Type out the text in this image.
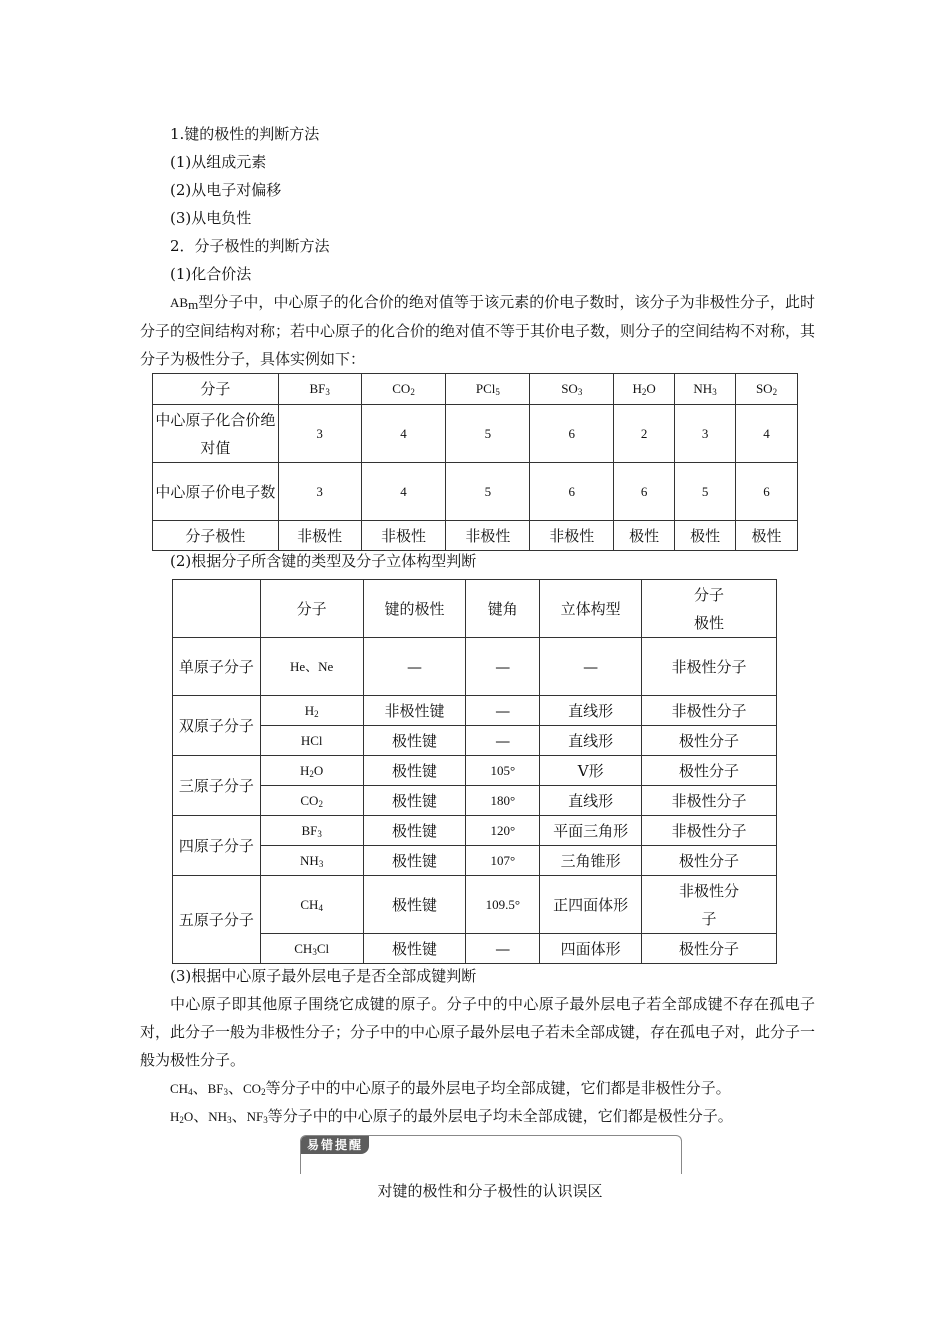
1.键的极性的判断方法
(1)从组成元素
(2)从电子对偏移
(3)从电负性
2．分子极性的判断方法
(1)化合价法
$AB_m$型分子中，中心原子的化合价的绝对值等于该元素的价电子数时，该分子为非极性分子，此时分子的空间结构对称；若中心原子的化合价的绝对值不等于其价电子数，则分子的空间结构不对称，其分子为极性分子，具体实例如下：
分子	$BF_3$	$CO_2$	PCl$_5$	$SO_3$	$H_2O$	$NH_3$	$SO_2$
中心原子化合价绝对值	3	4	5	6	2	3	4
中心原子价电子数	3	4	5	6	6	5	6
分子极性	非极性	非极性	非极性	非极性	极性	极性	极性
(2)根据分子所含键的类型及分子立体构型判断
	分子	键的极性	键角	立体构型	分子极性
单原子分子	He、Ne	—	—	—	非极性分子
双原子分子	$H_2$	非极性键	—	直线形	非极性分子
	HCl	极性键	—	直线形	极性分子
三原子分子	$H_2O$	极性键	105°	V形	极性分子
	$CO_2$	极性键	180°	直线形	非极性分子
四原子分子	$BF_3$	极性键	120°	平面三角形	非极性分子
	$NH_3$	极性键	107°	三角锥形	极性分子
五原子分子	$CH_4$	极性键	109.5°	正四面体形	非极性分子
	$CH_3Cl$	极性键	—	四面体形	极性分子
(3)根据中心原子最外层电子是否全部成键判断
中心原子即其他原子围绕它成键的原子。分子中的中心原子最外层电子若全部成键不存在孤电子对，此分子一般为非极性分子；分子中的中心原子最外层电子若未全部成键，存在孤电子对，此分子一般为极性分子。
$CH_4$、$BF_3$、$CO_2$等分子中的中心原子的最外层电子均全部成键，它们都是非极性分子。
$H_2O$、$NH_3$、$NF_3$等分子中的中心原子的最外层电子均未全部成键，它们都是极性分子。
易错提醒
对键的极性和分子极性的认识误区
